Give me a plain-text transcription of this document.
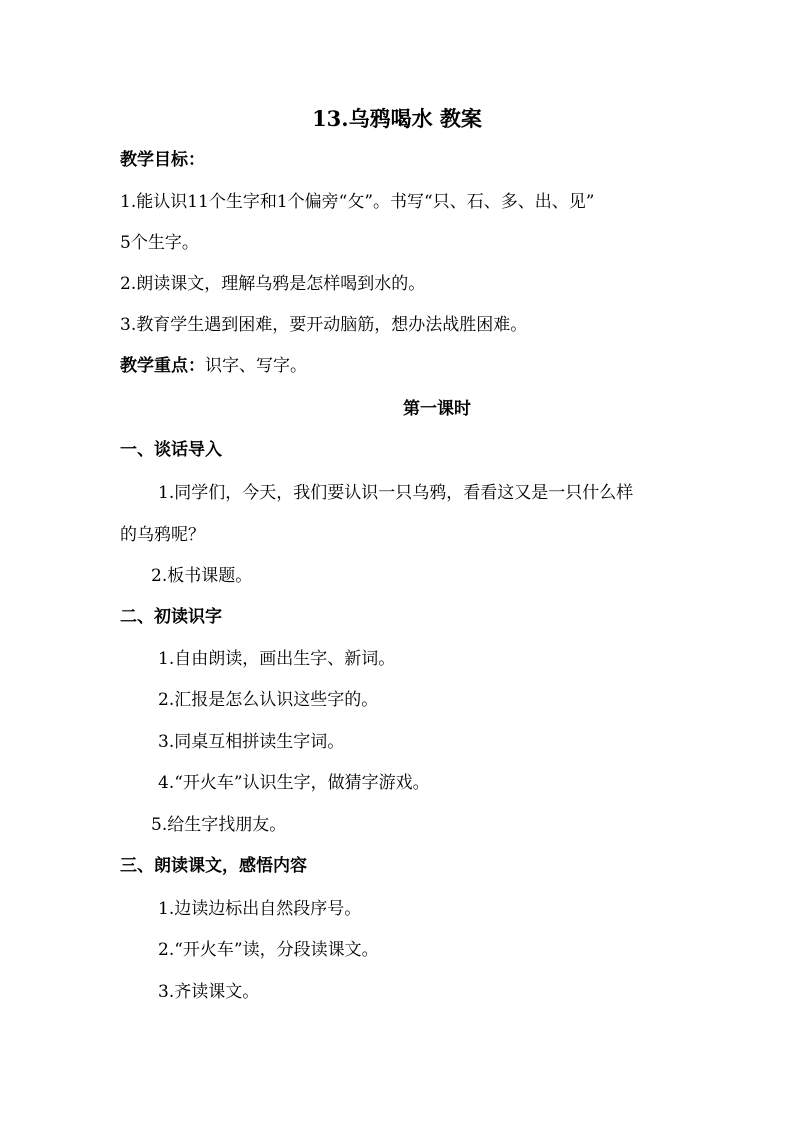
13.乌鸦喝水 教案
教学目标：
1.能认识11个生字和1个偏旁“攵”。书写“只、石、多、出、见”
5个生字。
2.朗读课文，理解乌鸦是怎样喝到水的。
3.教育学生遇到困难，要开动脑筋，想办法战胜困难。
教学重点：识字、写字。
第一课时
一、谈话导入
1.同学们，今天，我们要认识一只乌鸦，看看这又是一只什么样
的乌鸦呢？
2.板书课题。
二、初读识字
1.自由朗读，画出生字、新词。
2.汇报是怎么认识这些字的。
3.同桌互相拼读生字词。
4.“开火车”认识生字，做猜字游戏。
5.给生字找朋友。
三、朗读课文，感悟内容
1.边读边标出自然段序号。
2.“开火车”读，分段读课文。
3.齐读课文。
